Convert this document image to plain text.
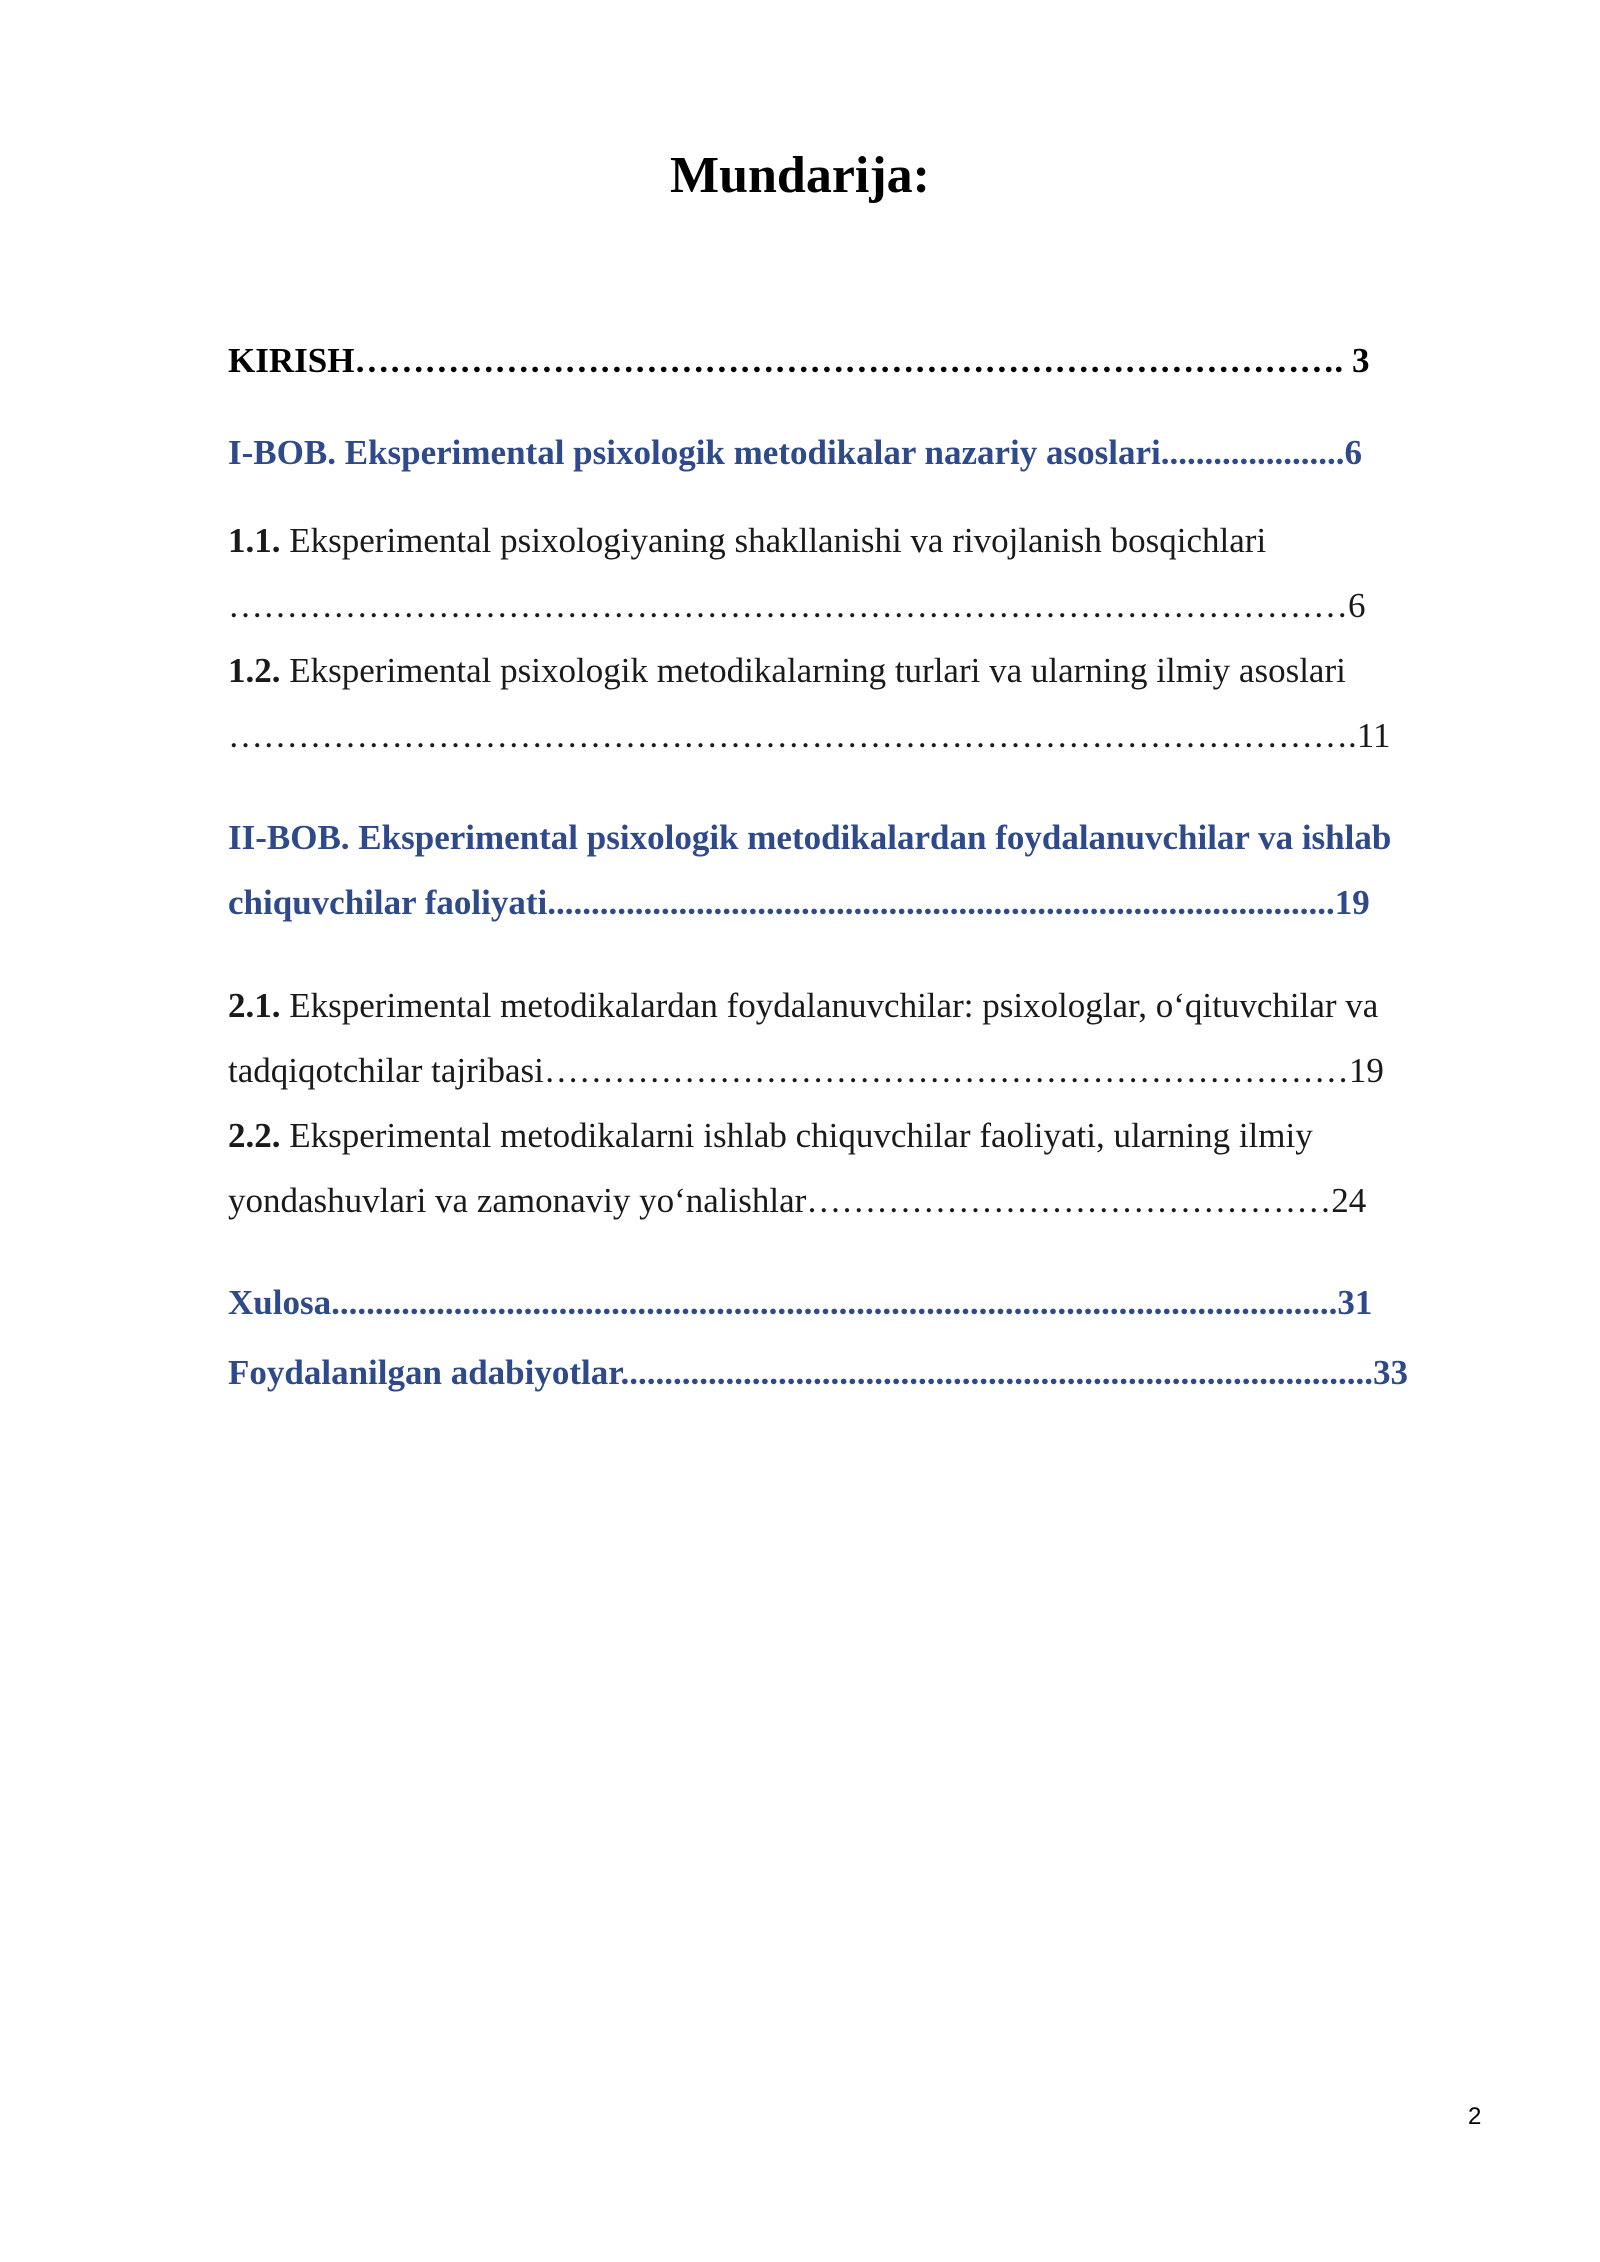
Mundarija:
KIRISH…………………………………………………………………………. 3
I-BOB. Eksperimental psixologik metodikalar nazariy asoslari.....................6
1.1. Eksperimental psixologiyaning shakllanishi va rivojlanish bosqichlari
……………………………………………………………………………………6
1.2. Eksperimental psixologik metodikalarning turlari va ularning ilmiy asoslari
…………………………………………………………………………………….11
II-BOB. Eksperimental psixologik metodikalardan foydalanuvchilar va ishlab
chiquvchilar faoliyati..........................................................................................19
2.1. Eksperimental metodikalardan foydalanuvchilar: psixologlar, o‘qituvchilar va
tadqiqotchilar tajribasi……………………………………………………………19
2.2. Eksperimental metodikalarni ishlab chiquvchilar faoliyati, ularning ilmiy
yondashuvlari va zamonaviy yo‘nalishlar………………………………………24
Xulosa...................................................................................................................31
Foydalanilgan adabiyotlar......................................................................................33
2
